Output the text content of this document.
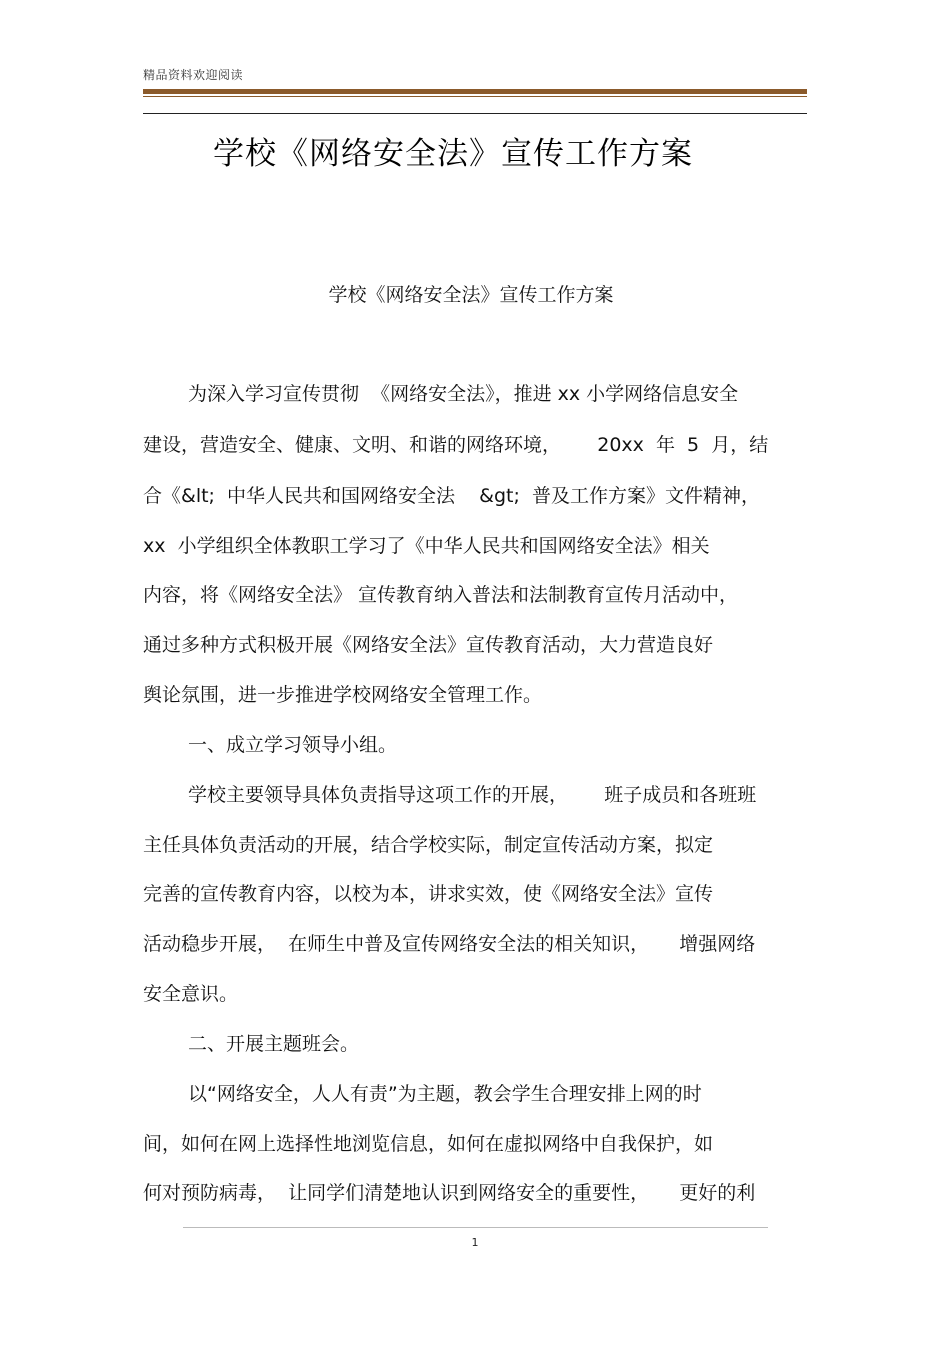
精品资料欢迎阅读
学校《网络安全法》宣传工作方案
学校《网络安全法》宣传工作方案
为深入学习宣传贯彻  《网络安全法》，推进 xx 小学网络信息安全
建设，营造安全、健康、文明、和谐的网络环境，      20xx  年  5  月，结
合《&lt;  中华人民共和国网络安全法    &gt;  普及工作方案》文件精神，
xx  小学组织全体教职工学习了《中华人民共和国网络安全法》相关
内容，将《网络安全法》 宣传教育纳入普法和法制教育宣传月活动中，
通过多种方式积极开展《网络安全法》宣传教育活动，大力营造良好
舆论氛围，进一步推进学校网络安全管理工作。
一、成立学习领导小组。
学校主要领导具体负责指导这项工作的开展，      班子成员和各班班
主任具体负责活动的开展，结合学校实际，制定宣传活动方案，拟定
完善的宣传教育内容，以校为本，讲求实效，使《网络安全法》宣传
活动稳步开展，  在师生中普及宣传网络安全法的相关知识，     增强网络
安全意识。
二、开展主题班会。
以“网络安全，人人有责”为主题，教会学生合理安排上网的时
间，如何在网上选择性地浏览信息，如何在虚拟网络中自我保护，如
何对预防病毒，  让同学们清楚地认识到网络安全的重要性，     更好的利
1
